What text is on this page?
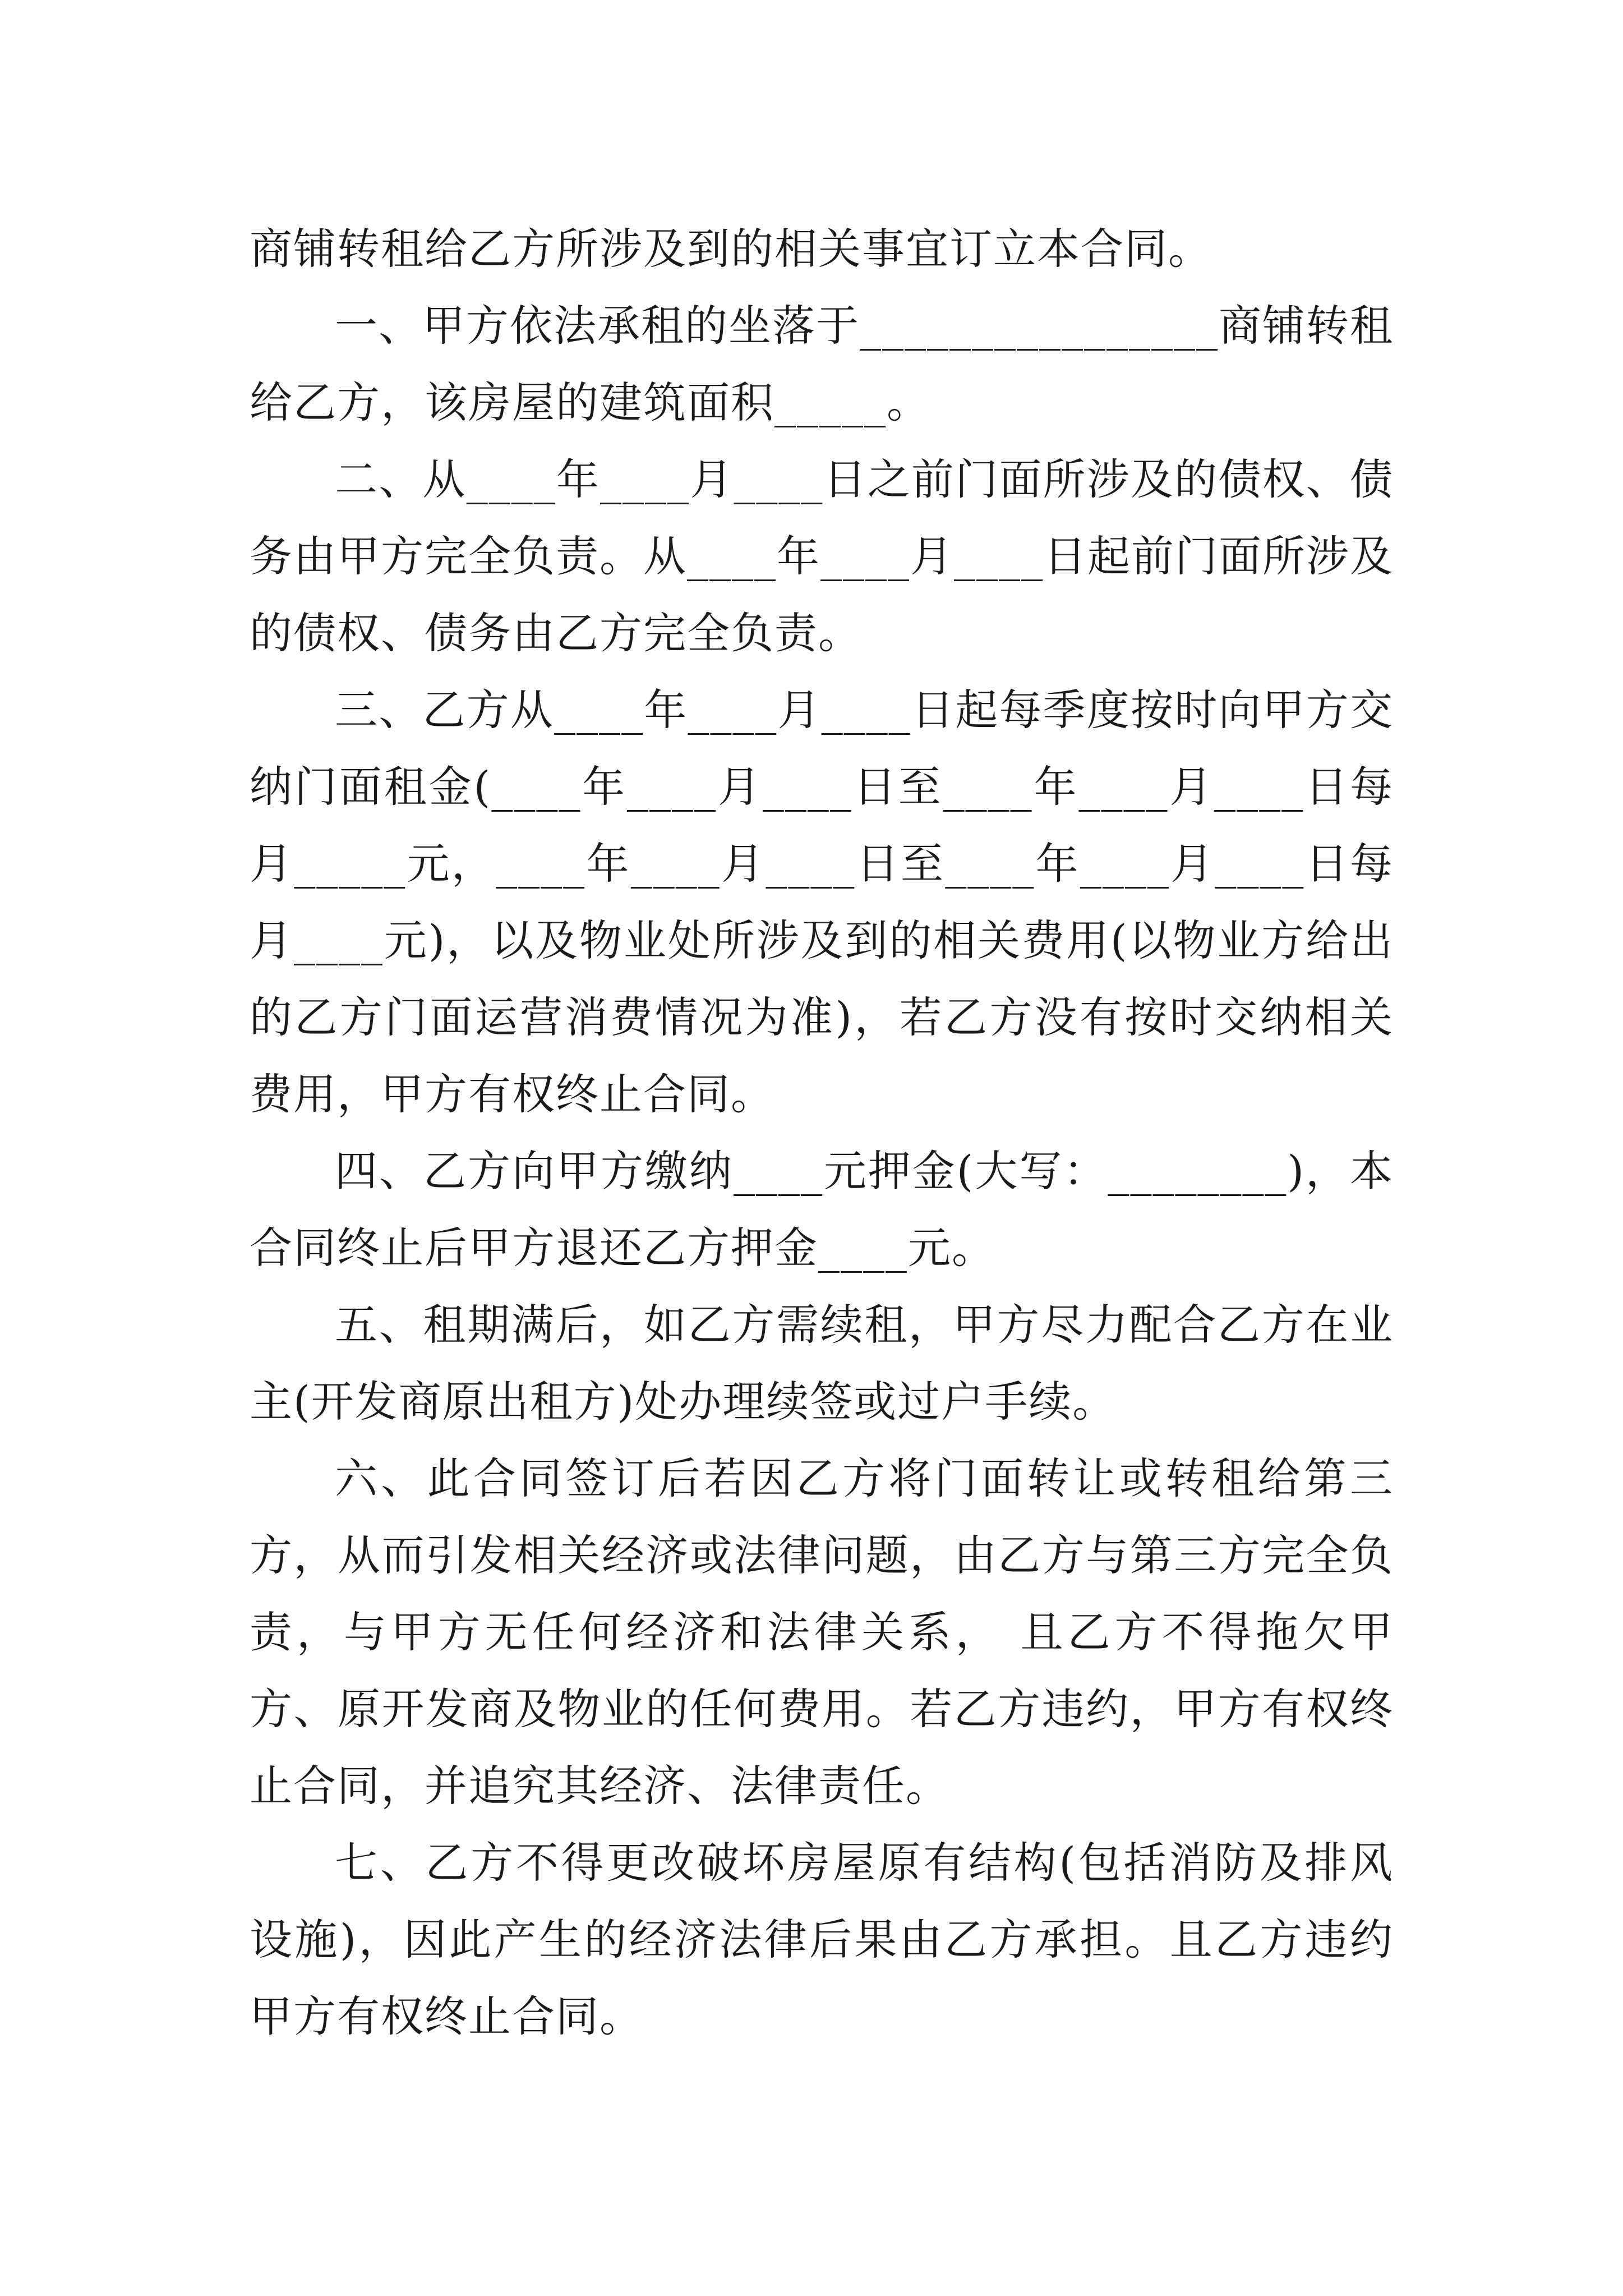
商铺转租给乙方所涉及到的相关事宜订立本合同。

一、甲方依法承租的坐落于________________商铺转租给乙方，该房屋的建筑面积_____。

二、从____年____月____日之前门面所涉及的债权、债务由甲方完全负责。从____年____月____日起前门面所涉及的债权、债务由乙方完全负责。

三、乙方从____年____月____日起每季度按时向甲方交纳门面租金(____年____月____日至____年____月____日每月_____元，____年____月____日至____年____月____日每月____元)，以及物业处所涉及到的相关费用(以物业方给出的乙方门面运营消费情况为准)，若乙方没有按时交纳相关费用，甲方有权终止合同。

四、乙方向甲方缴纳____元押金(大写：________)，本合同终止后甲方退还乙方押金____元。

五、租期满后，如乙方需续租，甲方尽力配合乙方在业主(开发商原出租方)处办理续签或过户手续。

六、此合同签订后若因乙方将门面转让或转租给第三方，从而引发相关经济或法律问题，由乙方与第三方完全负责，与甲方无任何经济和法律关系， 且乙方不得拖欠甲方、原开发商及物业的任何费用。若乙方违约，甲方有权终止合同，并追究其经济、法律责任。

七、乙方不得更改破坏房屋原有结构(包括消防及排风设施)，因此产生的经济法律后果由乙方承担。且乙方违约甲方有权终止合同。
